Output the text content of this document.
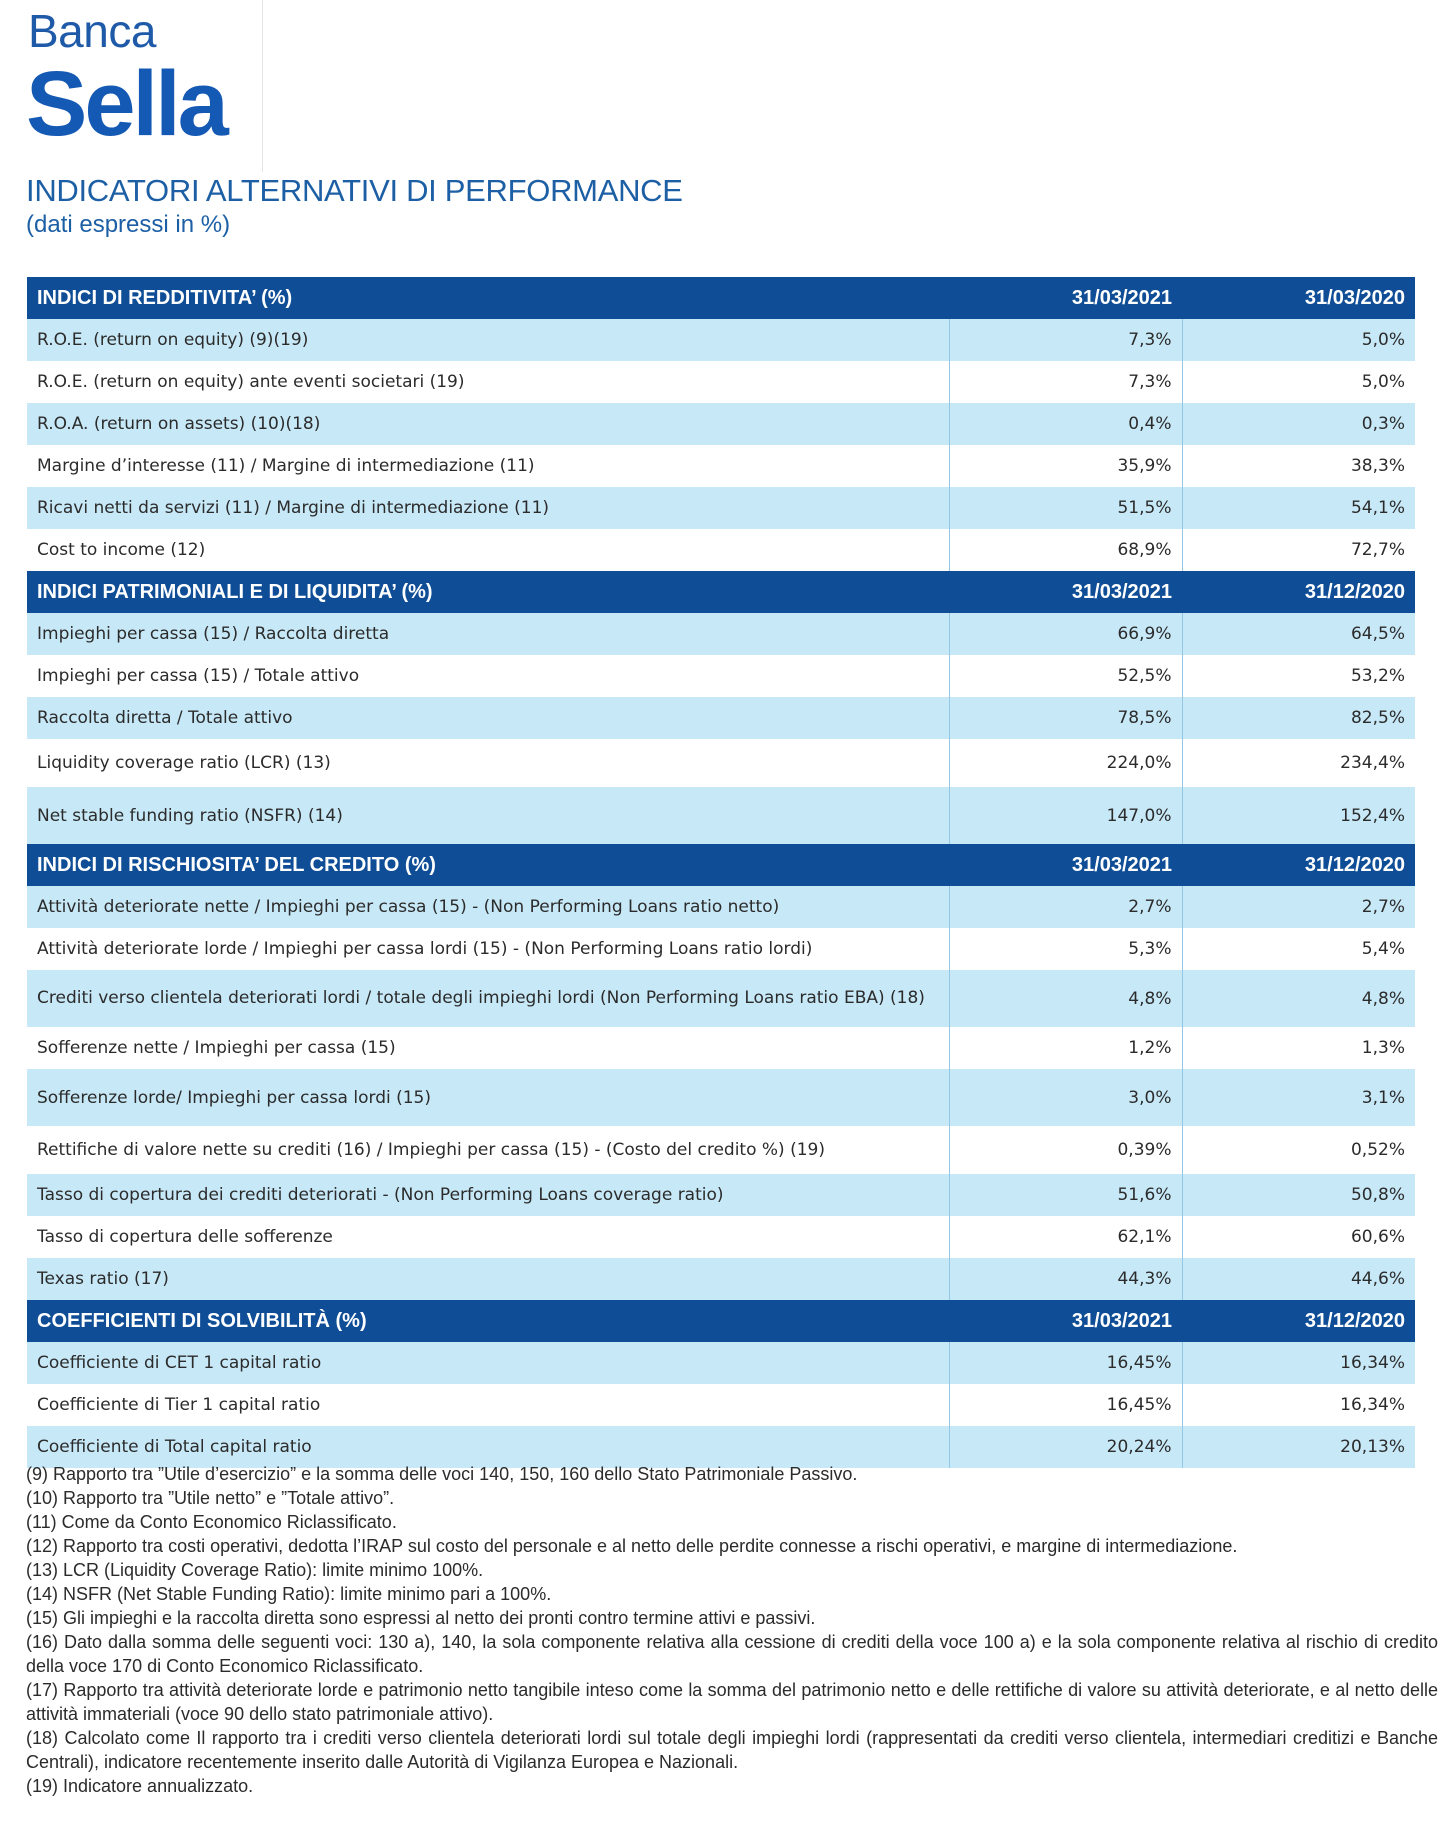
Banca
Sella
INDICATORI ALTERNATIVI DI PERFORMANCE
(dati espressi in %)
INDICI DI REDDITIVITA’ (%)	31/03/2021	31/03/2020
R.O.E. (return on equity) (9)(19)	7,3%	5,0%
R.O.E. (return on equity) ante eventi societari (19)	7,3%	5,0%
R.O.A. (return on assets) (10)(18)	0,4%	0,3%
Margine d’interesse (11) / Margine di intermediazione (11)	35,9%	38,3%
Ricavi netti da servizi (11) / Margine di intermediazione (11)	51,5%	54,1%
Cost to income (12)	68,9%	72,7%
INDICI PATRIMONIALI E DI LIQUIDITA’ (%)	31/03/2021	31/12/2020
Impieghi per cassa (15) / Raccolta diretta	66,9%	64,5%
Impieghi per cassa (15) / Totale attivo	52,5%	53,2%
Raccolta diretta / Totale attivo	78,5%	82,5%
Liquidity coverage ratio (LCR) (13)	224,0%	234,4%
Net stable funding ratio (NSFR) (14)	147,0%	152,4%
INDICI DI RISCHIOSITA’ DEL CREDITO (%)	31/03/2021	31/12/2020
Attività deteriorate nette / Impieghi per cassa (15) - (Non Performing Loans ratio netto)	2,7%	2,7%
Attività deteriorate lorde / Impieghi per cassa lordi (15) - (Non Performing Loans ratio lordi)	5,3%	5,4%
Crediti verso clientela deteriorati lordi / totale degli impieghi lordi (Non Performing Loans ratio EBA) (18)	4,8%	4,8%
Sofferenze nette / Impieghi per cassa (15)	1,2%	1,3%
Sofferenze lorde/ Impieghi per cassa lordi (15)	3,0%	3,1%
Rettifiche di valore nette su crediti (16) / Impieghi per cassa (15) - (Costo del credito %) (19)	0,39%	0,52%
Tasso di copertura dei crediti deteriorati - (Non Performing Loans coverage ratio)	51,6%	50,8%
Tasso di copertura delle sofferenze	62,1%	60,6%
Texas ratio (17)	44,3%	44,6%
COEFFICIENTI DI SOLVIBILITÀ (%)	31/03/2021	31/12/2020
Coefficiente di CET 1 capital ratio	16,45%	16,34%
Coefficiente di Tier 1 capital ratio	16,45%	16,34%
Coefficiente di Total capital ratio	20,24%	20,13%
(9) Rapporto tra ”Utile d’esercizio” e la somma delle voci 140, 150, 160 dello Stato Patrimoniale Passivo.
(10) Rapporto tra ”Utile netto” e ”Totale attivo”.
(11) Come da Conto Economico Riclassificato.
(12) Rapporto tra costi operativi, dedotta l’IRAP sul costo del personale e al netto delle perdite connesse a rischi operativi, e margine di intermediazione.
(13) LCR (Liquidity Coverage Ratio): limite minimo 100%.
(14) NSFR (Net Stable Funding Ratio): limite minimo pari a 100%.
(15) Gli impieghi e la raccolta diretta sono espressi al netto dei pronti contro termine attivi e passivi.
(16) Dato dalla somma delle seguenti voci: 130 a), 140, la sola componente relativa alla cessione di crediti della voce 100 a) e la sola componente relativa al rischio di credito della voce 170 di Conto Economico Riclassificato.
(17) Rapporto tra attività deteriorate lorde e patrimonio netto tangibile inteso come la somma del patrimonio netto e delle rettifiche di valore su attività deteriorate, e al netto delle attività immateriali (voce 90 dello stato patrimoniale attivo).
(18) Calcolato come Il rapporto tra i crediti verso clientela deteriorati lordi sul totale degli impieghi lordi (rappresentati da crediti verso clientela, intermediari creditizi e Banche Centrali), indicatore recentemente inserito dalle Autorità di Vigilanza Europea e Nazionali.
(19) Indicatore annualizzato.
